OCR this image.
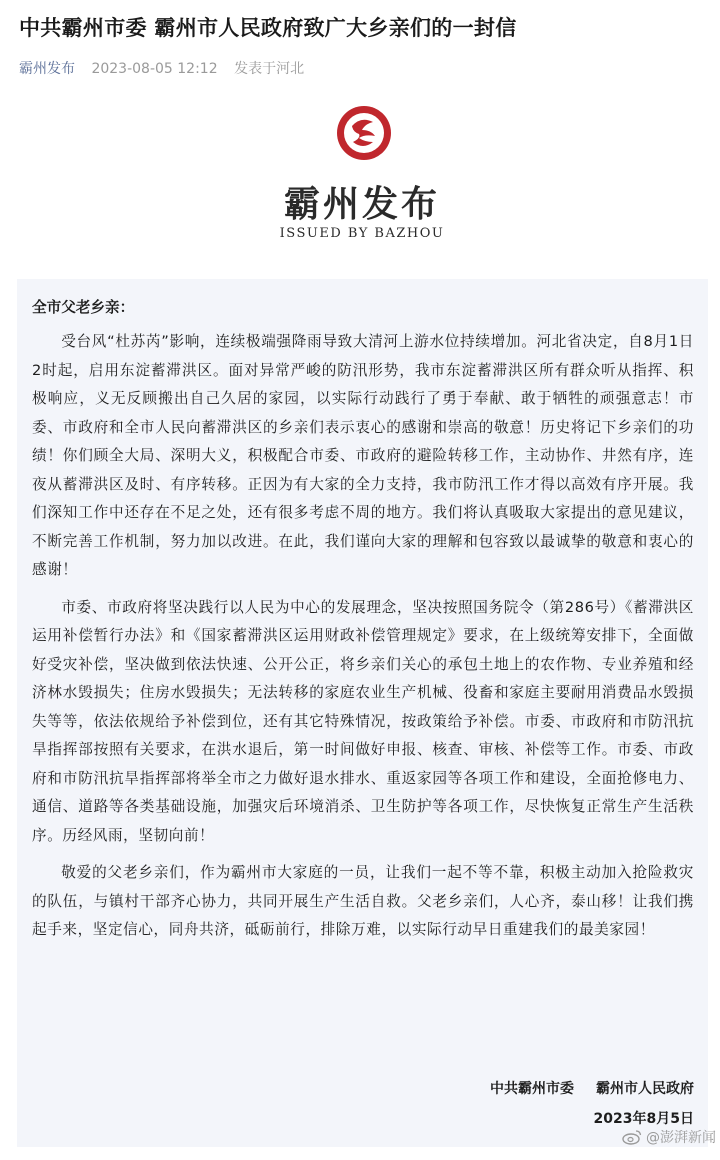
中共霸州市委 霸州市人民政府致广大乡亲们的一封信
霸州发布 2023-08-05 12:12 发表于河北
霸州发布
ISSUED BY BAZHOU
全市父老乡亲：

受台风“杜苏芮”影响，连续极端强降雨导致大清河上游水位持续增加。河北省决定，自8月1日2时起，启用东淀蓄滞洪区。面对异常严峻的防汛形势，我市东淀蓄滞洪区所有群众听从指挥、积极响应，义无反顾搬出自己久居的家园，以实际行动践行了勇于奉献、敢于牺牲的顽强意志！市委、市政府和全市人民向蓄滞洪区的乡亲们表示衷心的感谢和崇高的敬意！历史将记下乡亲们的功绩！你们顾全大局、深明大义，积极配合市委、市政府的避险转移工作，主动协作、井然有序，连夜从蓄滞洪区及时、有序转移。正因为有大家的全力支持，我市防汛工作才得以高效有序开展。我们深知工作中还存在不足之处，还有很多考虑不周的地方。我们将认真吸取大家提出的意见建议，不断完善工作机制，努力加以改进。在此，我们谨向大家的理解和包容致以最诚挚的敬意和衷心的感谢！

市委、市政府将坚决践行以人民为中心的发展理念，坚决按照国务院令（第286号）《蓄滞洪区运用补偿暂行办法》和《国家蓄滞洪区运用财政补偿管理规定》要求，在上级统筹安排下，全面做好受灾补偿，坚决做到依法快速、公开公正，将乡亲们关心的承包土地上的农作物、专业养殖和经济林水毁损失；住房水毁损失；无法转移的家庭农业生产机械、役畜和家庭主要耐用消费品水毁损失等等，依法依规给予补偿到位，还有其它特殊情况，按政策给予补偿。市委、市政府和市防汛抗旱指挥部按照有关要求，在洪水退后，第一时间做好申报、核查、审核、补偿等工作。市委、市政府和市防汛抗旱指挥部将举全市之力做好退水排水、重返家园等各项工作和建设，全面抢修电力、通信、道路等各类基础设施，加强灾后环境消杀、卫生防护等各项工作，尽快恢复正常生产生活秩序。历经风雨，坚韧向前！

敬爱的父老乡亲们，作为霸州市大家庭的一员，让我们一起不等不靠，积极主动加入抢险救灾的队伍，与镇村干部齐心协力，共同开展生产生活自救。父老乡亲们，人心齐，泰山移！让我们携起手来，坚定信心，同舟共济，砥砺前行，排除万难，以实际行动早日重建我们的最美家园！

中共霸州市委 霸州市人民政府
2023年8月5日
@澎湃新闻
